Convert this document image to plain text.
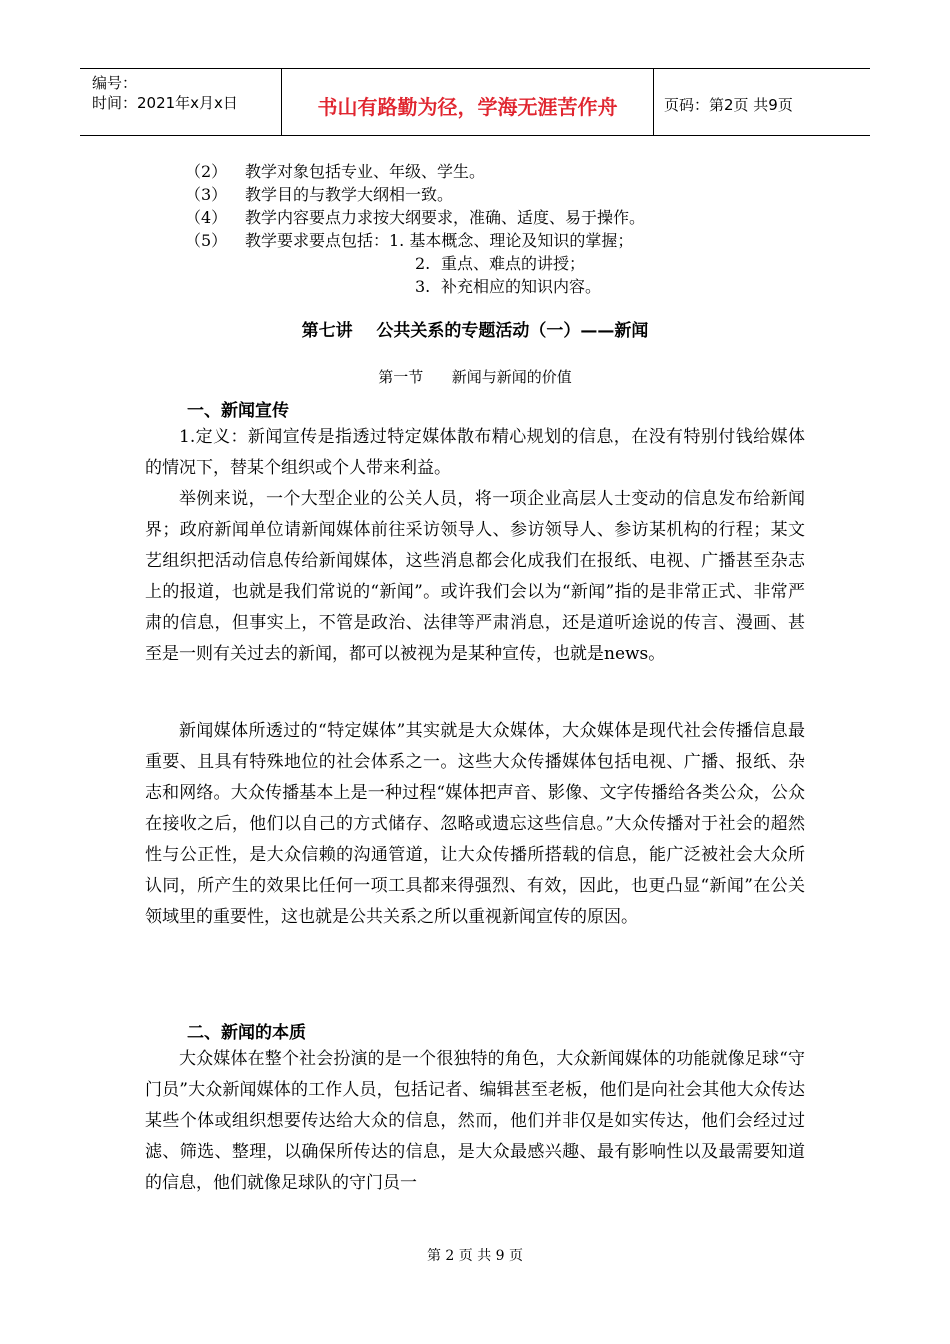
编号：
时间：2021年x月x日	书山有路勤为径，学海无涯苦作舟	页码：第2页 共9页
（2）	教学对象包括专业、年级、学生。
（3）	教学目的与教学大纲相一致。
（4）	教学内容要点力求按大纲要求，准确、适度、易于操作。
（5）	教学要求要点包括：1. 基本概念、理论及知识的掌握；
2. 重点、难点的讲授；
3. 补充相应的知识内容。
第七讲    公共关系的专题活动（一）——新闻
第一节      新闻与新闻的价值
一、新闻宣传

1.定义：新闻宣传是指透过特定媒体散布精心规划的信息，在没有特别付钱给媒体的情况下，替某个组织或个人带来利益。

举例来说，一个大型企业的公关人员，将一项企业高层人士变动的信息发布给新闻界；政府新闻单位请新闻媒体前往采访领导人、参访领导人、参访某机构的行程；某文艺组织把活动信息传给新闻媒体，这些消息都会化成我们在报纸、电视、广播甚至杂志上的报道，也就是我们常说的“新闻”。或许我们会以为“新闻”指的是非常正式、非常严肃的信息，但事实上，不管是政治、法律等严肃消息，还是道听途说的传言、漫画、甚至是一则有关过去的新闻，都可以被视为是某种宣传，也就是news。

新闻媒体所透过的“特定媒体”其实就是大众媒体，大众媒体是现代社会传播信息最重要、且具有特殊地位的社会体系之一。这些大众传播媒体包括电视、广播、报纸、杂志和网络。大众传播基本上是一种过程“媒体把声音、影像、文字传播给各类公众，公众在接收之后，他们以自己的方式储存、忽略或遗忘这些信息。”大众传播对于社会的超然性与公正性，是大众信赖的沟通管道，让大众传播所搭载的信息，能广泛被社会大众所认同，所产生的效果比任何一项工具都来得强烈、有效，因此，也更凸显“新闻”在公关领域里的重要性，这也就是公共关系之所以重视新闻宣传的原因。

二、新闻的本质

大众媒体在整个社会扮演的是一个很独特的角色，大众新闻媒体的功能就像足球“守门员”大众新闻媒体的工作人员，包括记者、编辑甚至老板，他们是向社会其他大众传达某些个体或组织想要传达给大众的信息，然而，他们并非仅是如实传达，他们会经过过滤、筛选、整理，以确保所传达的信息，是大众最感兴趣、最有影响性以及最需要知道的信息，他们就像足球队的守门员一

第 2 页 共 9 页
